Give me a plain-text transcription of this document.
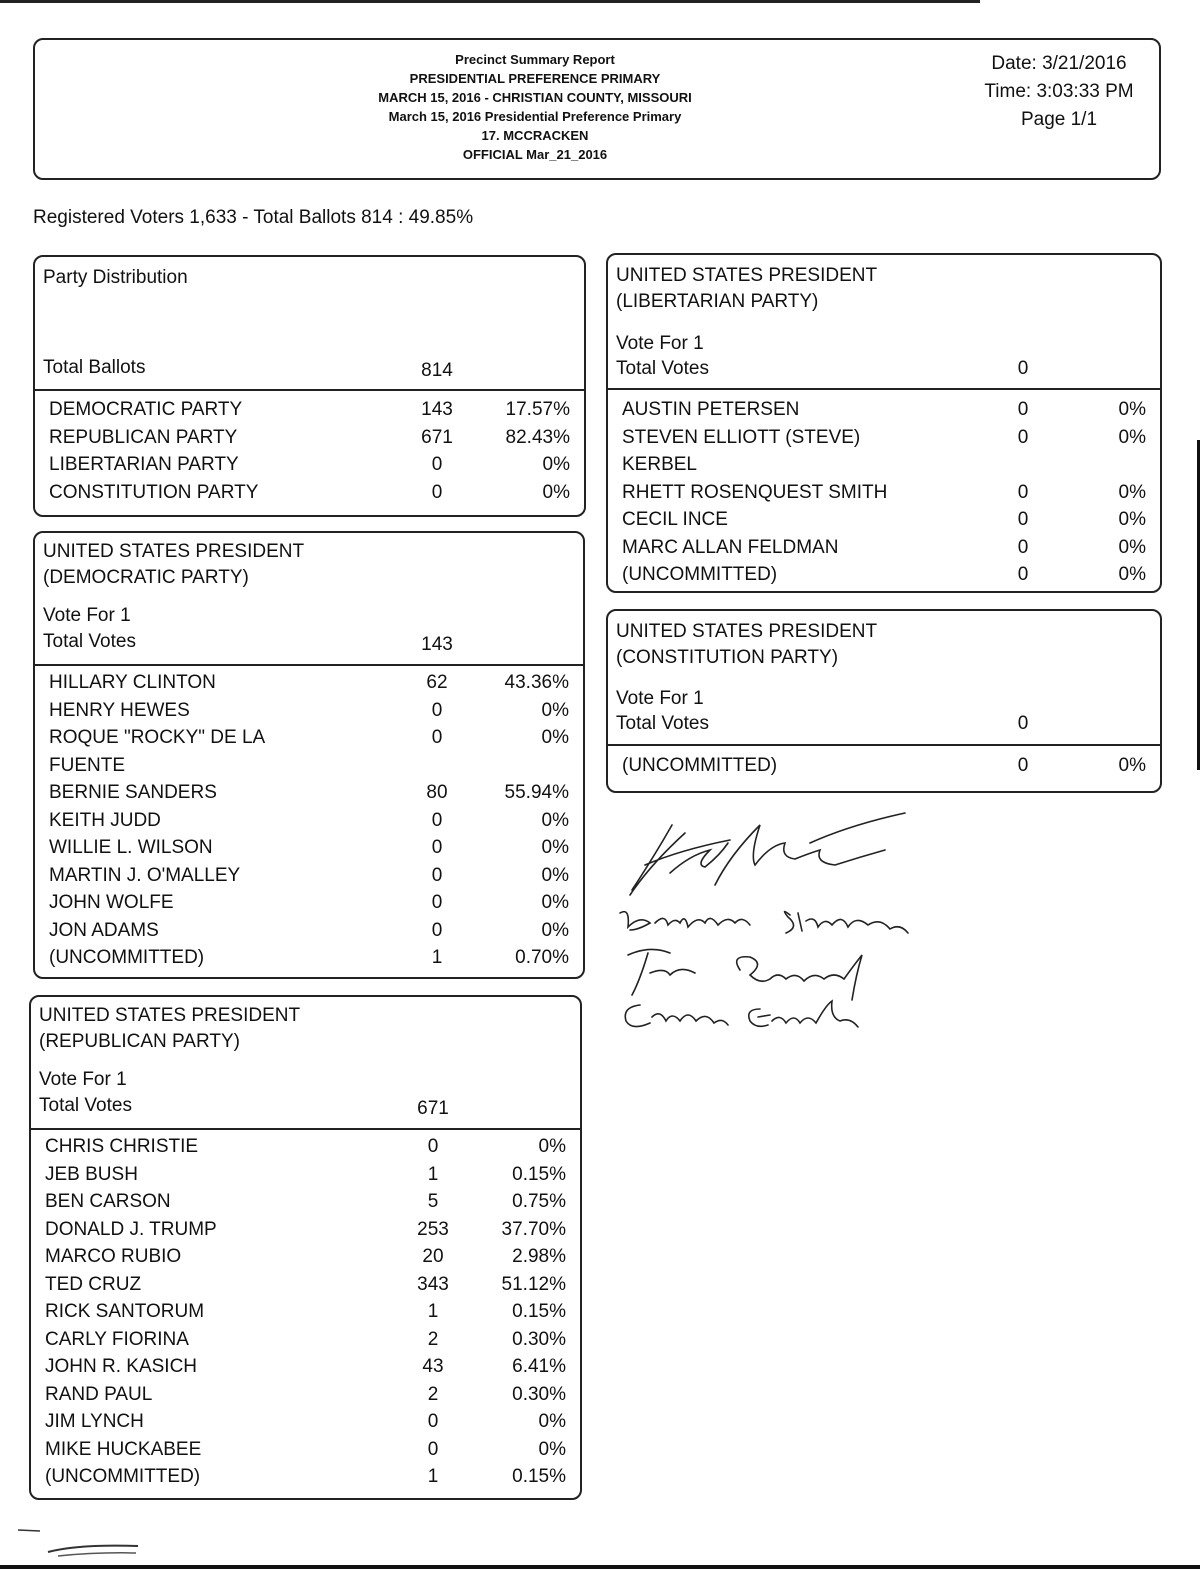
Precinct Summary Report
PRESIDENTIAL PREFERENCE PRIMARY
MARCH 15, 2016 - CHRISTIAN COUNTY, MISSOURI
March 15, 2016 Presidential Preference Primary
17. MCCRACKEN
OFFICIAL Mar_21_2016
Date: 3/21/2016
Time: 3:03:33 PM
Page 1/1
Registered Voters 1,633 - Total Ballots 814 : 49.85%
Party Distribution
Total Ballots	814
DEMOCRATIC PARTY	143	17.57%
REPUBLICAN PARTY	671	82.43%
LIBERTARIAN PARTY	0	0%
CONSTITUTION PARTY	0	0%
UNITED STATES PRESIDENT
(DEMOCRATIC PARTY)
Vote For 1
Total Votes	143
HILLARY CLINTON	62	43.36%
HENRY HEWES	0	0%
ROQUE "ROCKY" DE LA	0	0%
FUENTE
BERNIE SANDERS	80	55.94%
KEITH JUDD	0	0%
WILLIE L. WILSON	0	0%
MARTIN J. O'MALLEY	0	0%
JOHN WOLFE	0	0%
JON ADAMS	0	0%
(UNCOMMITTED)	1	0.70%
UNITED STATES PRESIDENT
(REPUBLICAN PARTY)
Vote For 1
Total Votes	671
CHRIS CHRISTIE	0	0%
JEB BUSH	1	0.15%
BEN CARSON	5	0.75%
DONALD J. TRUMP	253	37.70%
MARCO RUBIO	20	2.98%
TED CRUZ	343	51.12%
RICK SANTORUM	1	0.15%
CARLY FIORINA	2	0.30%
JOHN R. KASICH	43	6.41%
RAND PAUL	2	0.30%
JIM LYNCH	0	0%
MIKE HUCKABEE	0	0%
(UNCOMMITTED)	1	0.15%
UNITED STATES PRESIDENT
(LIBERTARIAN PARTY)
Vote For 1
Total Votes	0
AUSTIN PETERSEN	0	0%
STEVEN ELLIOTT (STEVE)	0	0%
KERBEL
RHETT ROSENQUEST SMITH	0	0%
CECIL INCE	0	0%
MARC ALLAN FELDMAN	0	0%
(UNCOMMITTED)	0	0%
UNITED STATES PRESIDENT
(CONSTITUTION PARTY)
Vote For 1
Total Votes	0
(UNCOMMITTED)	0	0%
